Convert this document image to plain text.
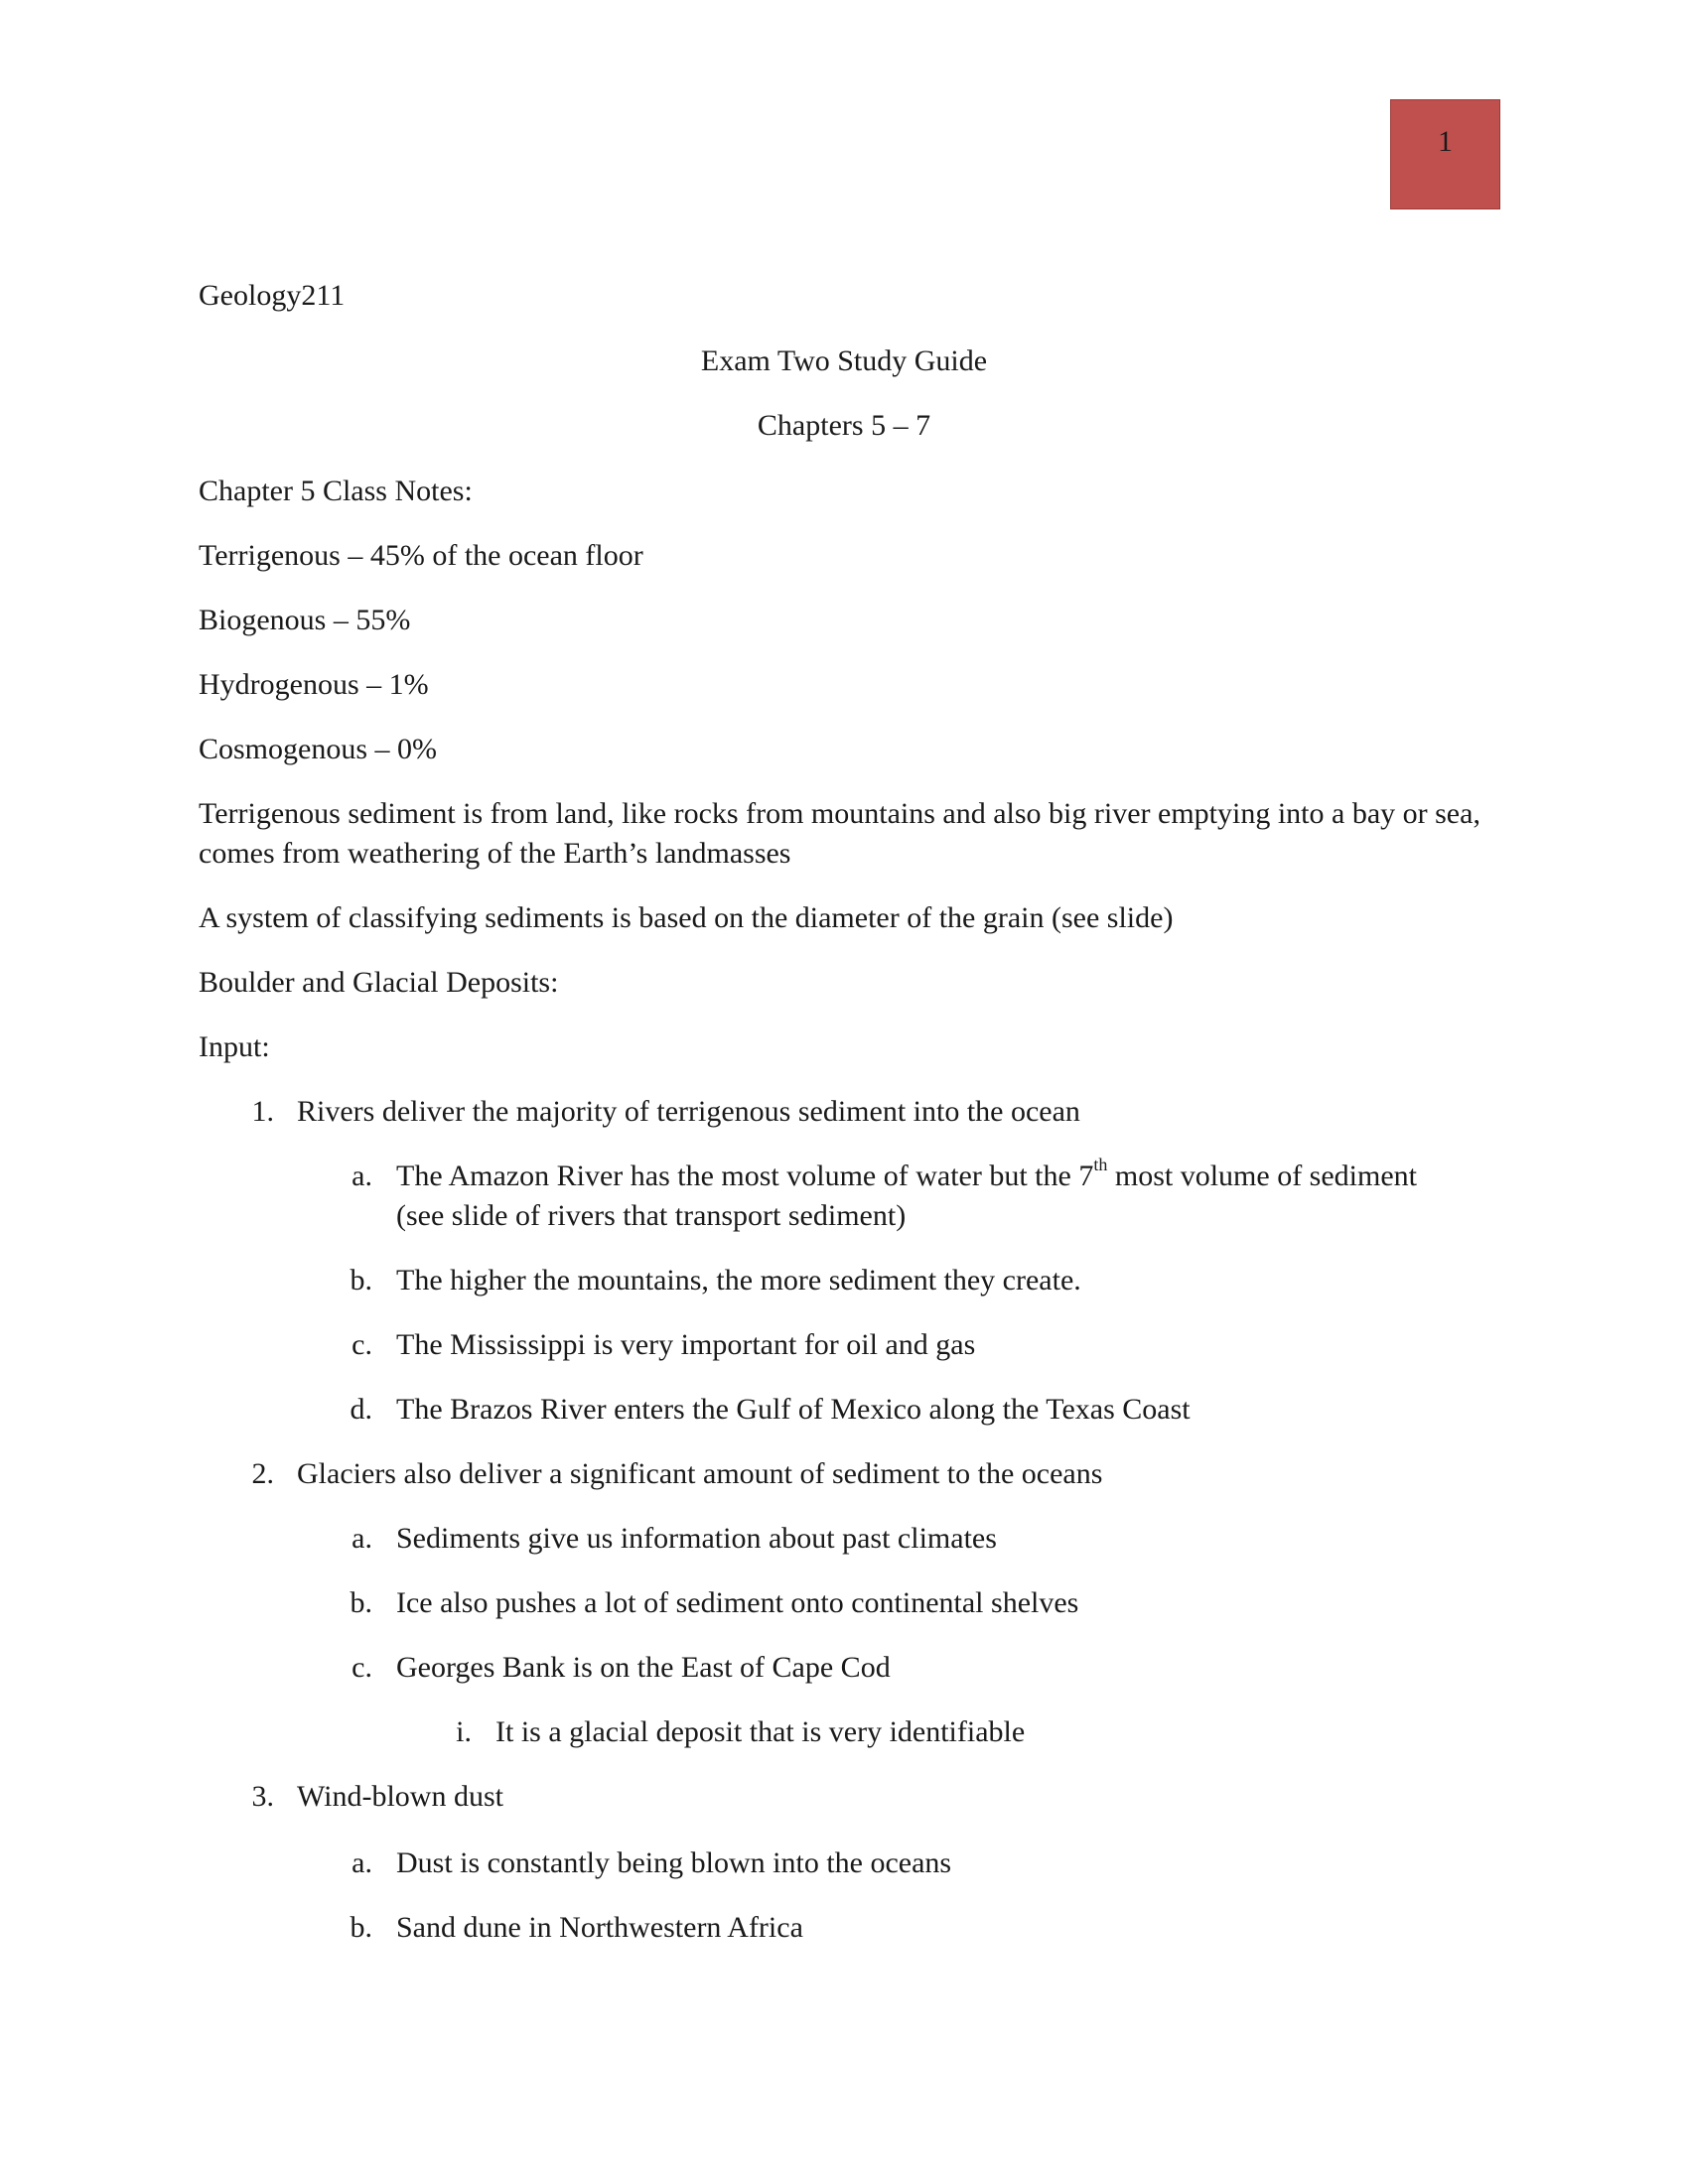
1
Geology211
Exam Two Study Guide
Chapters 5 – 7
Chapter 5 Class Notes:
Terrigenous – 45% of the ocean floor
Biogenous – 55%
Hydrogenous – 1%
Cosmogenous – 0%
Terrigenous sediment is from land, like rocks from mountains and also big river emptying into a bay or sea, comes from weathering of the Earth’s landmasses
A system of classifying sediments is based on the diameter of the grain (see slide)
Boulder and Glacial Deposits:
Input:
1. Rivers deliver the majority of terrigenous sediment into the ocean
a. The Amazon River has the most volume of water but the 7th most volume of sediment (see slide of rivers that transport sediment)
b. The higher the mountains, the more sediment they create.
c. The Mississippi is very important for oil and gas
d. The Brazos River enters the Gulf of Mexico along the Texas Coast
2. Glaciers also deliver a significant amount of sediment to the oceans
a. Sediments give us information about past climates
b. Ice also pushes a lot of sediment onto continental shelves
c. Georges Bank is on the East of Cape Cod
i. It is a glacial deposit that is very identifiable
3. Wind-blown dust
a. Dust is constantly being blown into the oceans
b. Sand dune in Northwestern Africa
